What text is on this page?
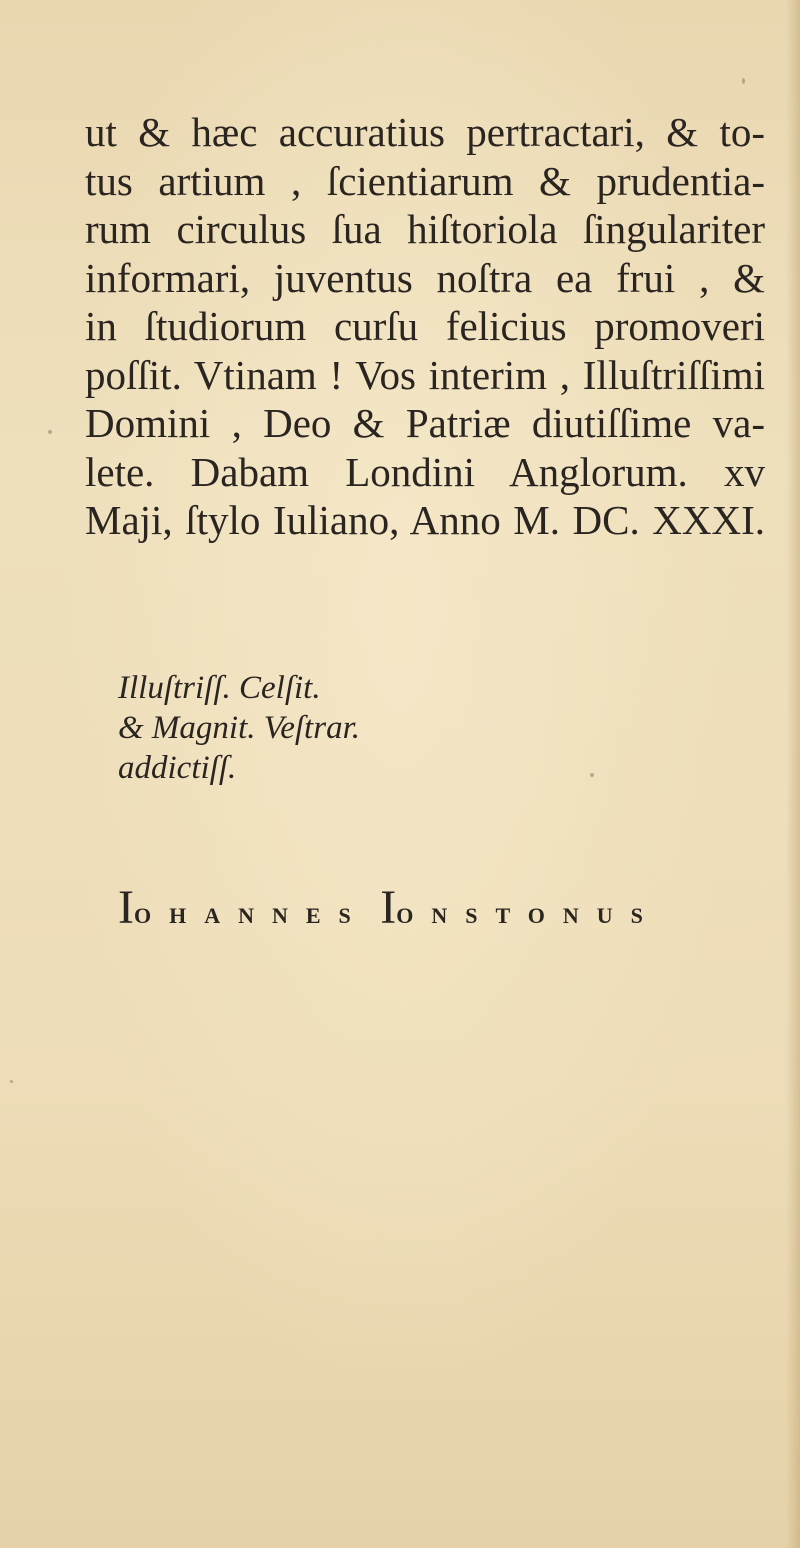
ut & hæc accuratius pertractari, & to-
tus artium , ſcientiarum & prudentia-
rum circulus ſua hiſtoriola ſingulariter
informari, juventus noſtra ea frui , &
in ſtudiorum curſu felicius promoveri
poſſit. Vtinam ! Vos interim , Illuſtriſſimi
Domini , Deo & Patriæ diutiſſime va-
lete. Dabam Londini Anglorum. xv
Maji, ſtylo Iuliano, Anno M. DC. XXXI.
Illuſtriſſ. Celſit.
& Magnit. Veſtrar.
addictiſſ.
IOHANNES IONSTONUS
